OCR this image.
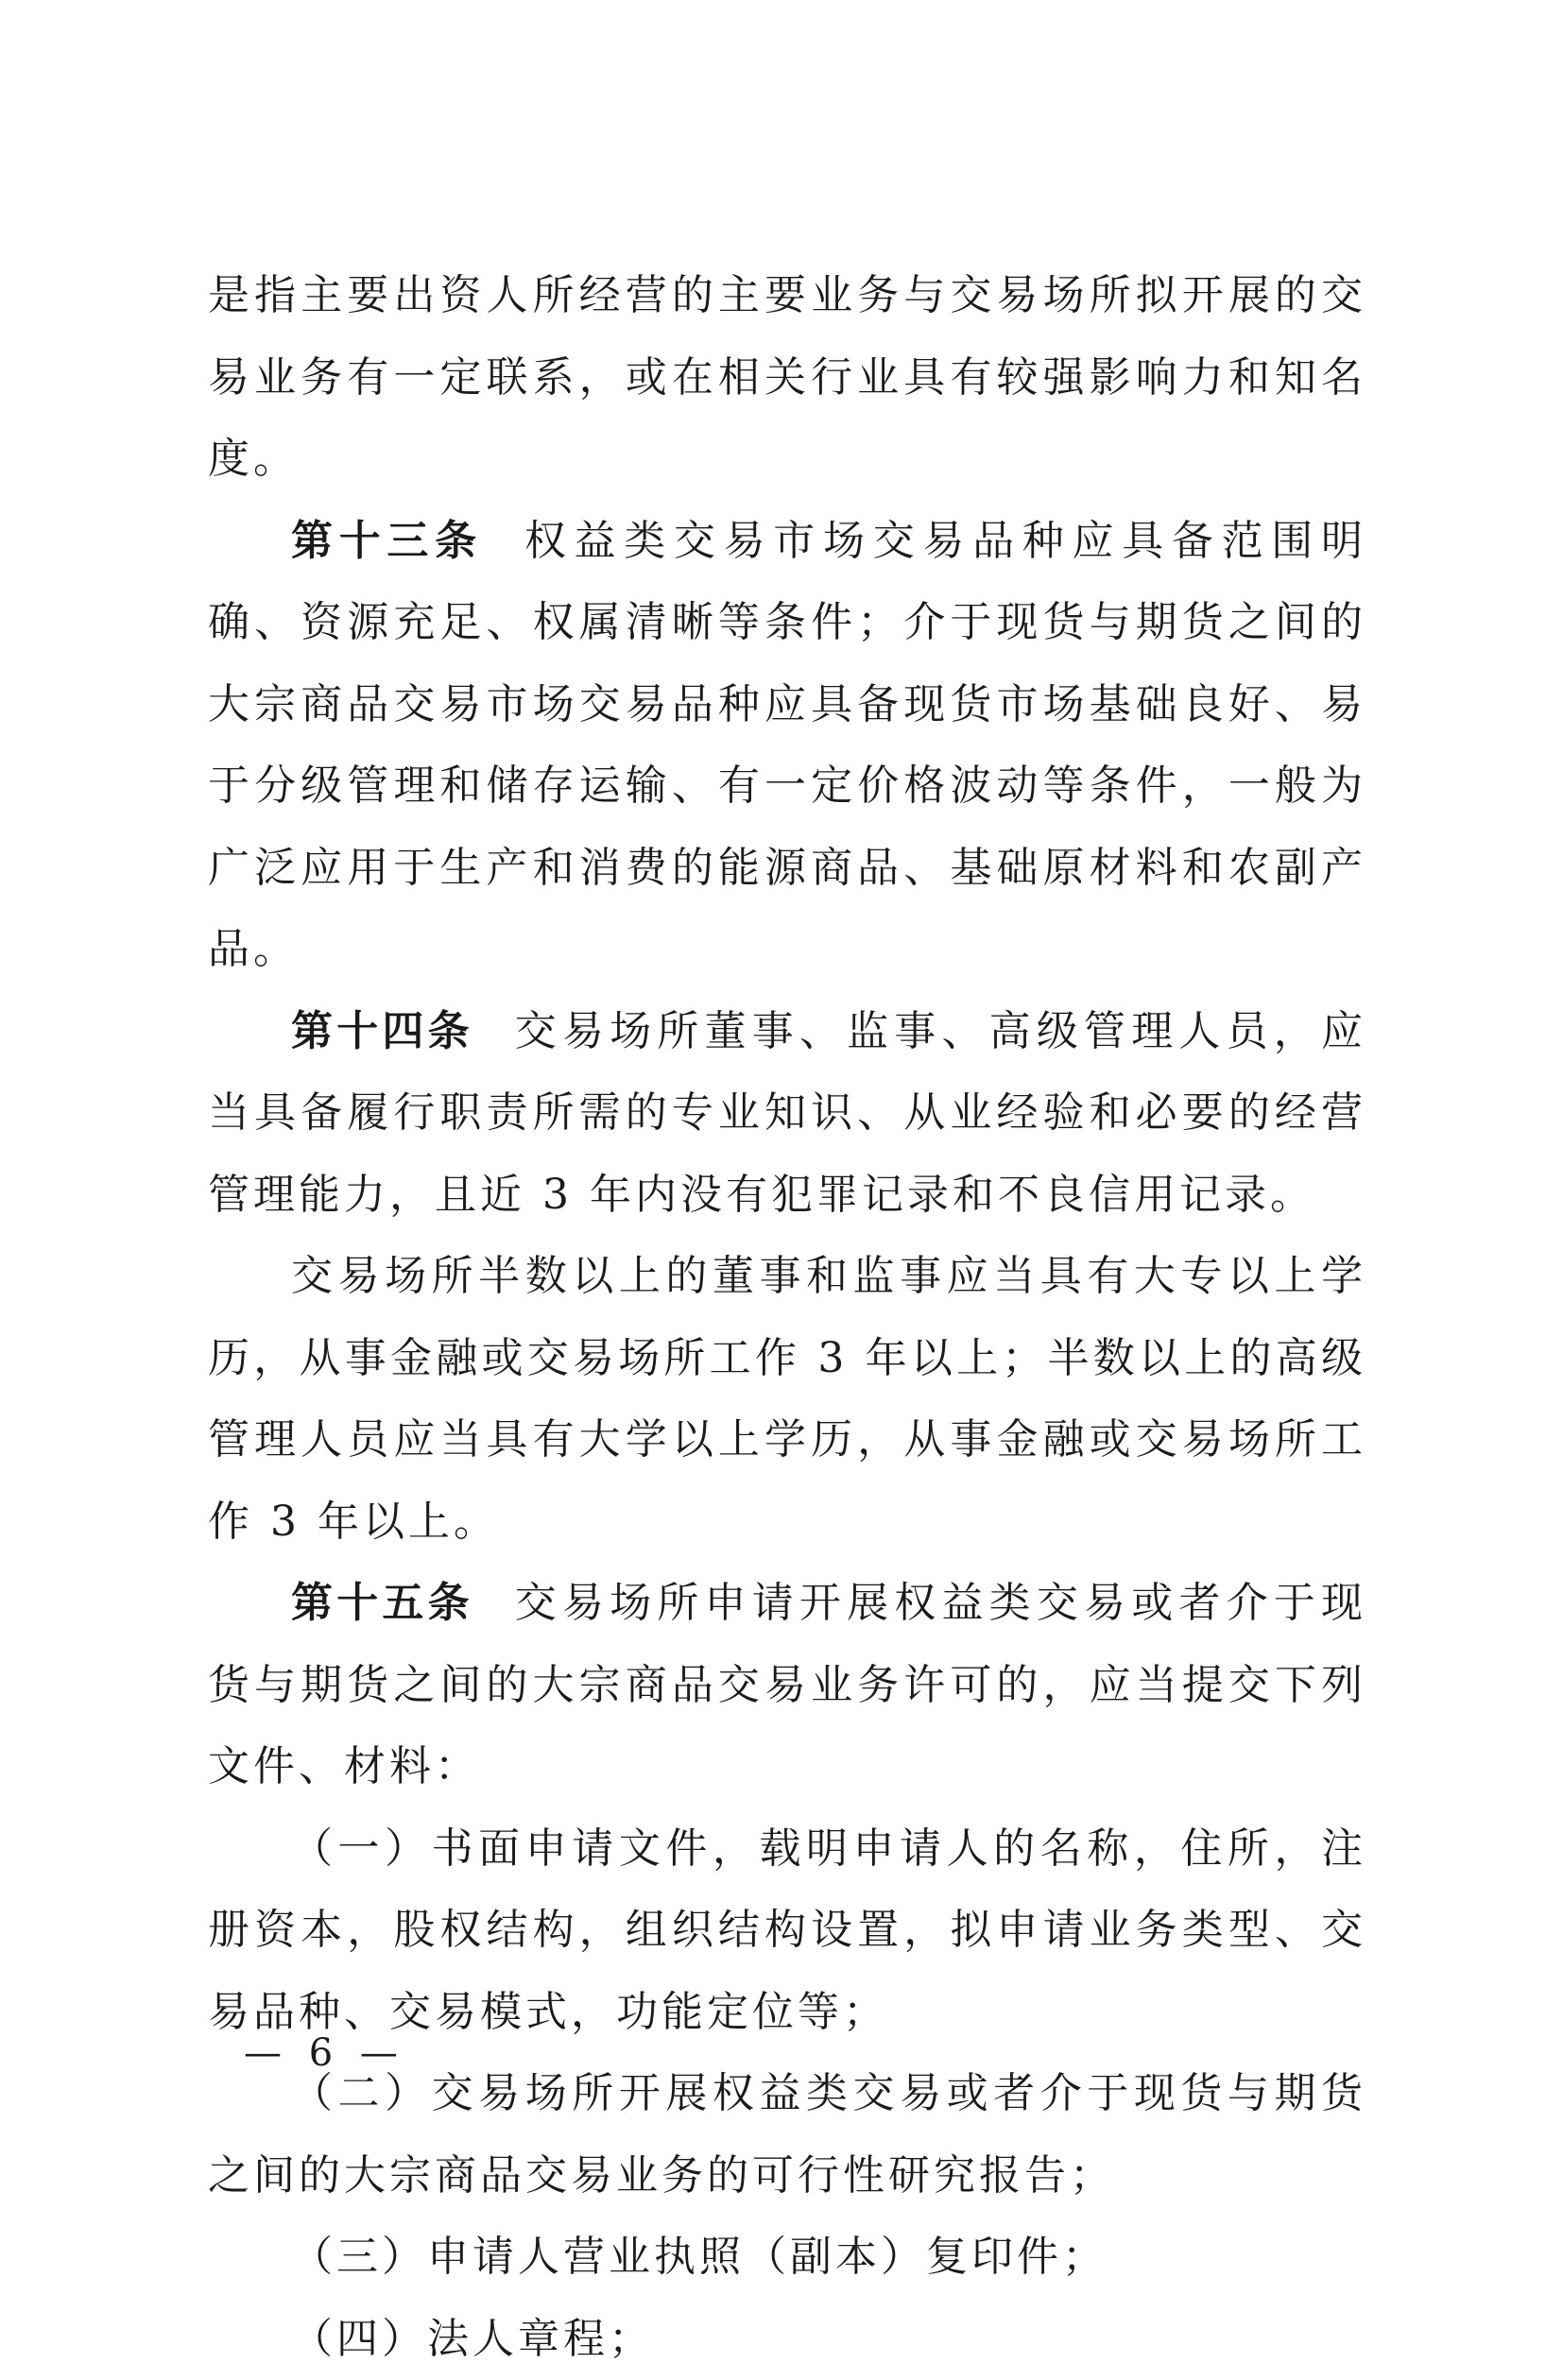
是指主要出资人所经营的主要业务与交易场所拟开展的交易业务有一定联系，或在相关行业具有较强影响力和知名度。

第十三条 权益类交易市场交易品种应具备范围明确、资源充足、权属清晰等条件；介于现货与期货之间的大宗商品交易市场交易品种应具备现货市场基础良好、易于分级管理和储存运输、有一定价格波动等条件，一般为广泛应用于生产和消费的能源商品、基础原材料和农副产品。

第十四条 交易场所董事、监事、高级管理人员，应当具备履行职责所需的专业知识、从业经验和必要的经营管理能力，且近 3 年内没有犯罪记录和不良信用记录。

交易场所半数以上的董事和监事应当具有大专以上学历，从事金融或交易场所工作 3 年以上；半数以上的高级管理人员应当具有大学以上学历，从事金融或交易场所工作 3 年以上。

第十五条 交易场所申请开展权益类交易或者介于现货与期货之间的大宗商品交易业务许可的，应当提交下列文件、材料：

（一）书面申请文件，载明申请人的名称，住所，注册资本，股权结构，组织结构设置，拟申请业务类型、交易品种、交易模式，功能定位等；

（二）交易场所开展权益类交易或者介于现货与期货之间的大宗商品交易业务的可行性研究报告；

（三）申请人营业执照（副本）复印件；

（四）法人章程；

— 6 —
